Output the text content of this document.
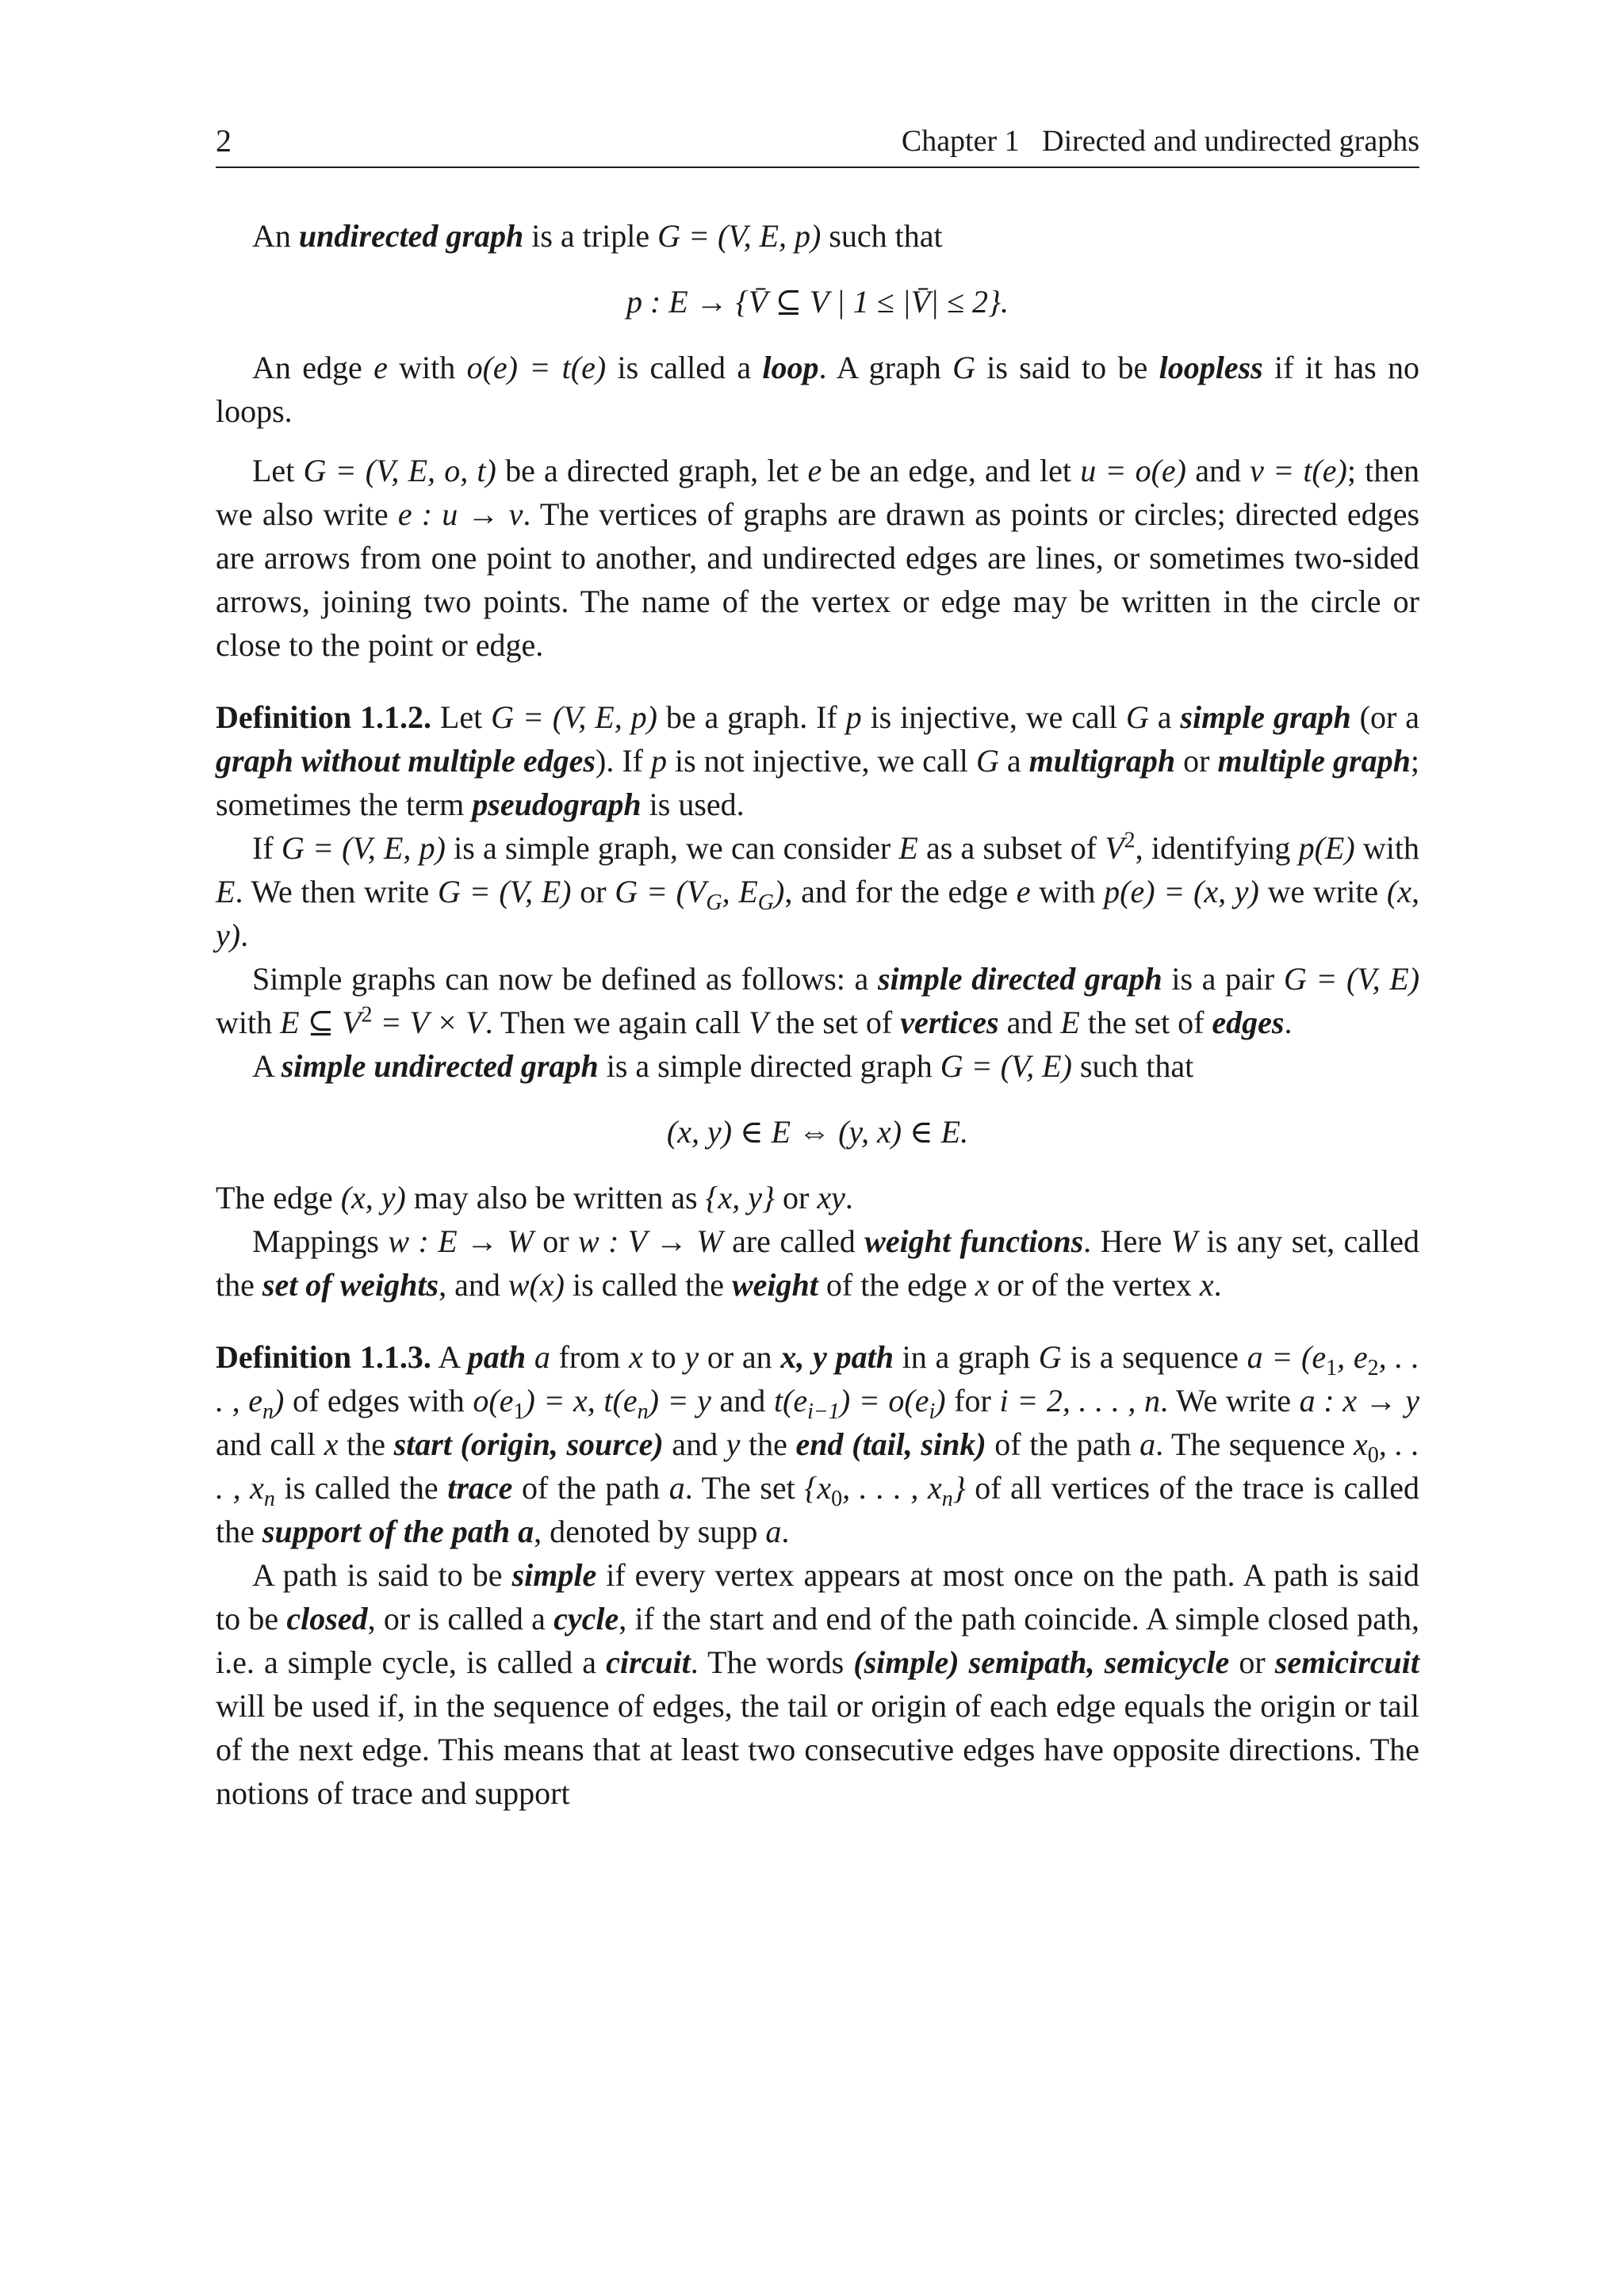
2	Chapter 1   Directed and undirected graphs

An undirected graph is a triple G = (V, E, p) such that

p : E → {V̄ ⊆ V | 1 ≤ |V̄| ≤ 2}.

An edge e with o(e) = t(e) is called a loop. A graph G is said to be loopless if it has no loops.

Let G = (V, E, o, t) be a directed graph, let e be an edge, and let u = o(e) and v = t(e); then we also write e : u → v. The vertices of graphs are drawn as points or circles; directed edges are arrows from one point to another, and undirected edges are lines, or sometimes two-sided arrows, joining two points. The name of the vertex or edge may be written in the circle or close to the point or edge.

Definition 1.1.2. Let G = (V, E, p) be a graph. If p is injective, we call G a simple graph (or a graph without multiple edges). If p is not injective, we call G a multigraph or multiple graph; sometimes the term pseudograph is used.

If G = (V, E, p) is a simple graph, we can consider E as a subset of $V^2$, identifying p(E) with E. We then write G = (V, E) or $G = (V_G$, $E_G$), and for the edge e with p(e) = (x, y) we write (x, y).

Simple graphs can now be defined as follows: a simple directed graph is a pair G = (V, E) with E ⊆ $V^2 = V \times V$. Then we again call V the set of vertices and E the set of edges.

A simple undirected graph is a simple directed graph G = (V, E) such that

(x, y) ∈ E ⇔ (y, x) ∈ E.

The edge (x, y) may also be written as {x, y} or xy.

Mappings w : E → W or w : V → W are called weight functions. Here W is any set, called the set of weights, and w(x) is called the weight of the edge x or of the vertex x.

Definition 1.1.3. A path a from x to y or an x, y path in a graph G is a sequence $a = (e_1$, $e_2$, . . . , $e_n$) of edges with $o(e_1) = x$, $t(e_n) = y$ and $t(e_{i-1}) = o(e_i)$ for i = 2, . . . , n. We write a : x → y and call x the start (origin, source) and y the end (tail, sink) of the path a. The sequence $x_0$, . . . , $x_n$ is called the trace of the path a. The set {$x_0$, . . . , $x_n$} of all vertices of the trace is called the support of the path a, denoted by supp a.

A path is said to be simple if every vertex appears at most once on the path. A path is said to be closed, or is called a cycle, if the start and end of the path coincide. A simple closed path, i.e. a simple cycle, is called a circuit. The words (simple) semipath, semicycle or semicircuit will be used if, in the sequence of edges, the tail or origin of each edge equals the origin or tail of the next edge. This means that at least two consecutive edges have opposite directions. The notions of trace and support
